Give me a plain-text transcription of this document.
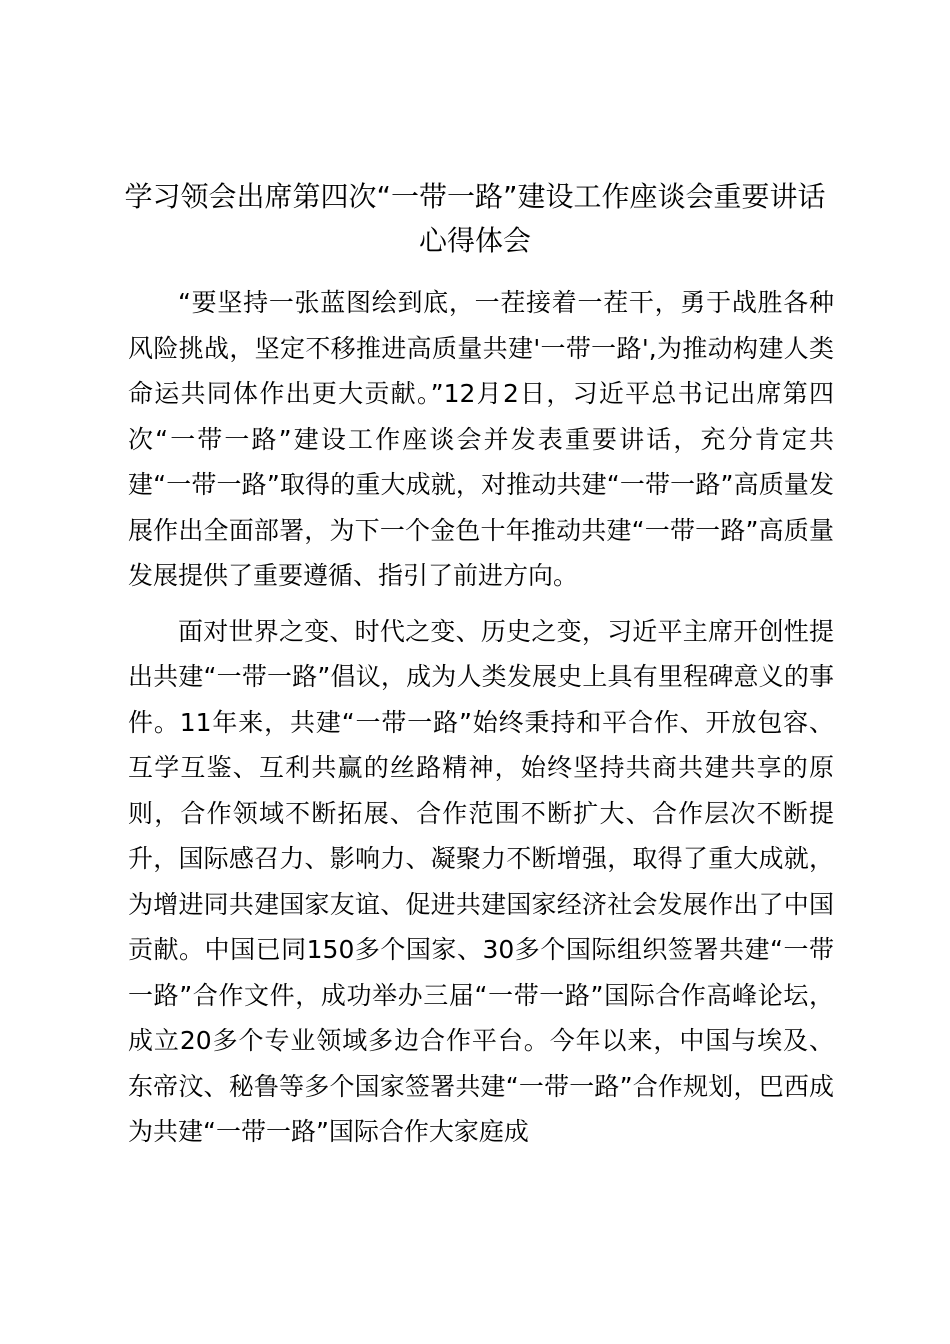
学习领会出席第四次“一带一路”建设工作座谈会重要讲话心得体会

“要坚持一张蓝图绘到底，一茬接着一茬干，勇于战胜各种风险挑战，坚定不移推进高质量共建'一带一路',为推动构建人类命运共同体作出更大贡献。”12月2日，习近平总书记出席第四次“一带一路”建设工作座谈会并发表重要讲话，充分肯定共建“一带一路”取得的重大成就，对推动共建“一带一路”高质量发展作出全面部署，为下一个金色十年推动共建“一带一路”高质量发展提供了重要遵循、指引了前进方向。

面对世界之变、时代之变、历史之变，习近平主席开创性提出共建“一带一路”倡议，成为人类发展史上具有里程碑意义的事件。11年来，共建“一带一路”始终秉持和平合作、开放包容、互学互鉴、互利共赢的丝路精神，始终坚持共商共建共享的原则，合作领域不断拓展、合作范围不断扩大、合作层次不断提升，国际感召力、影响力、凝聚力不断增强，取得了重大成就，为增进同共建国家友谊、促进共建国家经济社会发展作出了中国贡献。中国已同150多个国家、30多个国际组织签署共建“一带一路”合作文件，成功举办三届“一带一路”国际合作高峰论坛，成立20多个专业领域多边合作平台。今年以来，中国与埃及、东帝汶、秘鲁等多个国家签署共建“一带一路”合作规划，巴西成为共建“一带一路”国际合作大家庭成
